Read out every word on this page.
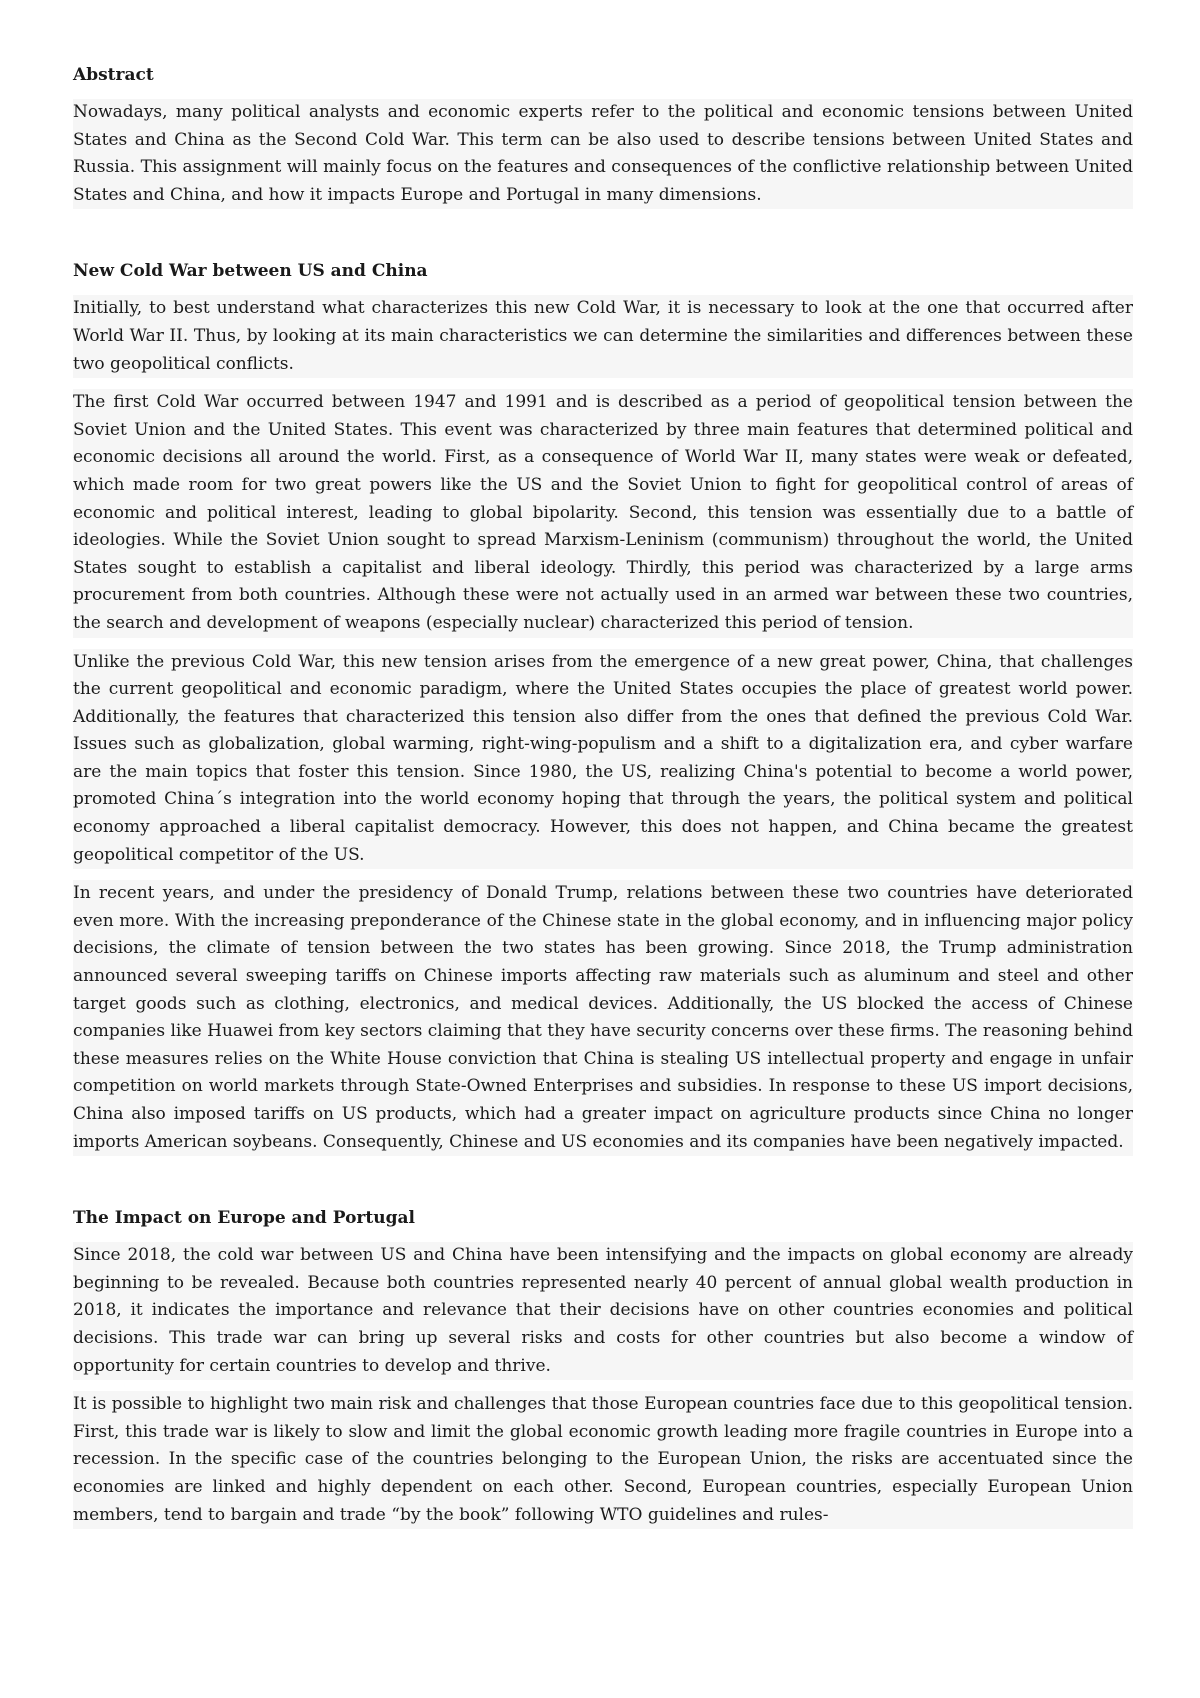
Abstract

Nowadays, many political analysts and economic experts refer to the political and economic tensions between United States and China as the Second Cold War. This term can be also used to describe tensions between United States and Russia. This assignment will mainly focus on the features and consequences of the conflictive relationship between United States and China, and how it impacts Europe and Portugal in many dimensions.

New Cold War between US and China

Initially, to best understand what characterizes this new Cold War, it is necessary to look at the one that occurred after World War II. Thus, by looking at its main characteristics we can determine the similarities and differences between these two geopolitical conflicts.

The first Cold War occurred between 1947 and 1991 and is described as a period of geopolitical tension between the Soviet Union and the United States. This event was characterized by three main features that determined political and economic decisions all around the world. First, as a consequence of World War II, many states were weak or defeated, which made room for two great powers like the US and the Soviet Union to fight for geopolitical control of areas of economic and political interest, leading to global bipolarity. Second, this tension was essentially due to a battle of ideologies. While the Soviet Union sought to spread Marxism-Leninism (communism) throughout the world, the United States sought to establish a capitalist and liberal ideology. Thirdly, this period was characterized by a large arms procurement from both countries. Although these were not actually used in an armed war between these two countries, the search and development of weapons (especially nuclear) characterized this period of tension.

Unlike the previous Cold War, this new tension arises from the emergence of a new great power, China, that challenges the current geopolitical and economic paradigm, where the United States occupies the place of greatest world power. Additionally, the features that characterized this tension also differ from the ones that defined the previous Cold War. Issues such as globalization, global warming, right-wing-populism and a shift to a digitalization era, and cyber warfare are the main topics that foster this tension. Since 1980, the US, realizing China's potential to become a world power, promoted China´s integration into the world economy hoping that through the years, the political system and political economy approached a liberal capitalist democracy. However, this does not happen, and China became the greatest geopolitical competitor of the US.

In recent years, and under the presidency of Donald Trump, relations between these two countries have deteriorated even more. With the increasing preponderance of the Chinese state in the global economy, and in influencing major policy decisions, the climate of tension between the two states has been growing. Since 2018, the Trump administration announced several sweeping tariffs on Chinese imports affecting raw materials such as aluminum and steel and other target goods such as clothing, electronics, and medical devices. Additionally, the US blocked the access of Chinese companies like Huawei from key sectors claiming that they have security concerns over these firms. The reasoning behind these measures relies on the White House conviction that China is stealing US intellectual property and engage in unfair competition on world markets through State-Owned Enterprises and subsidies. In response to these US import decisions, China also imposed tariffs on US products, which had a greater impact on agriculture products since China no longer imports American soybeans. Consequently, Chinese and US economies and its companies have been negatively impacted.

The Impact on Europe and Portugal

Since 2018, the cold war between US and China have been intensifying and the impacts on global economy are already beginning to be revealed. Because both countries represented nearly 40 percent of annual global wealth production in 2018, it indicates the importance and relevance that their decisions have on other countries economies and political decisions. This trade war can bring up several risks and costs for other countries but also become a window of opportunity for certain countries to develop and thrive.

It is possible to highlight two main risk and challenges that those European countries face due to this geopolitical tension. First, this trade war is likely to slow and limit the global economic growth leading more fragile countries in Europe into a recession. In the specific case of the countries belonging to the European Union, the risks are accentuated since the economies are linked and highly dependent on each other. Second, European countries, especially European Union members, tend to bargain and trade “by the book” following WTO guidelines and rules-
